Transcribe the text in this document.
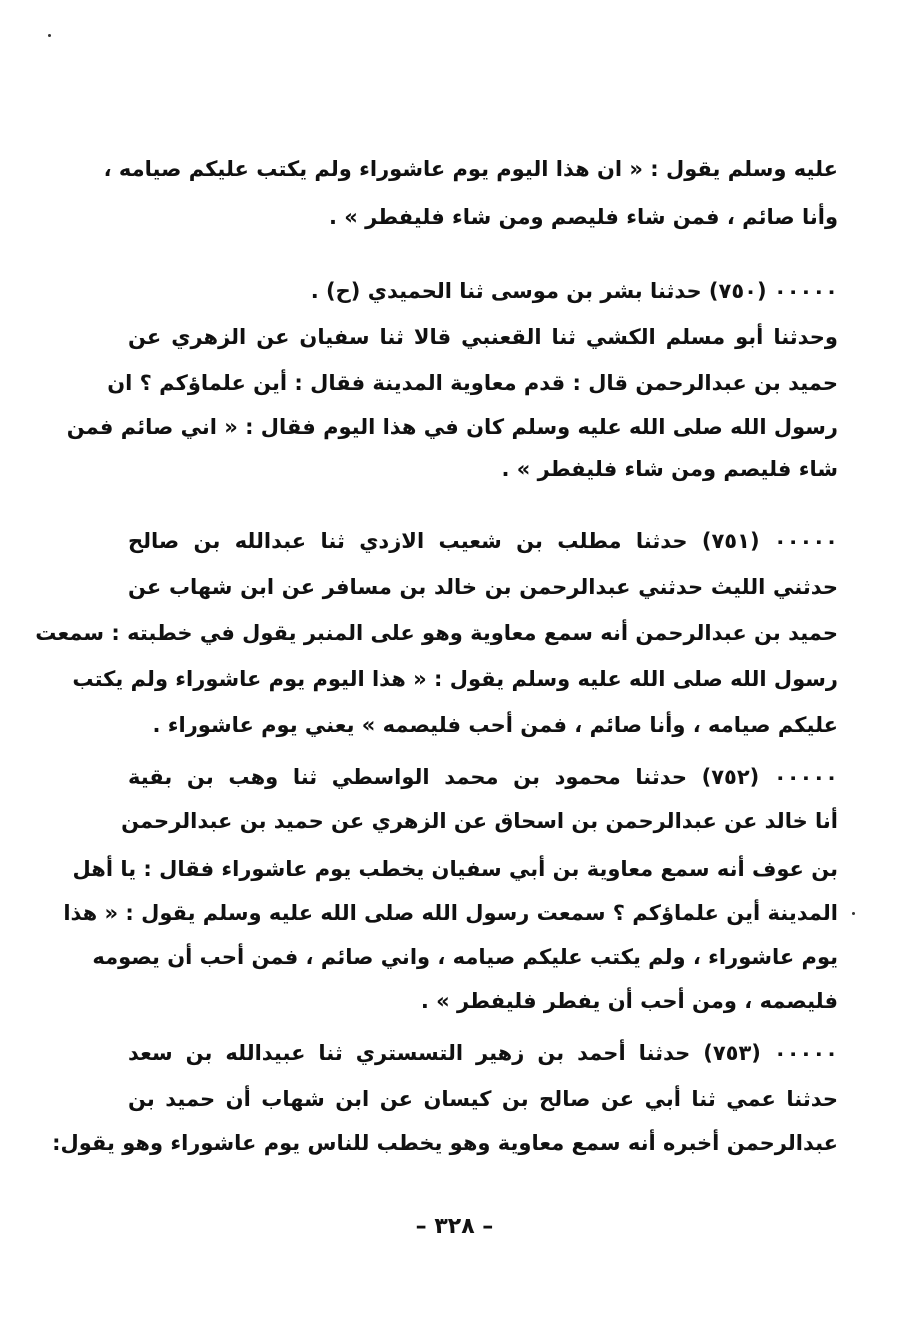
عليه وسلم يقول : « ان هذا اليوم يوم عاشوراء ولم يكتب عليكم صيامه ،
وأنا صائم ، فمن شاء فليصم ومن شاء فليفطر » .
٠٠٠٠٠ (٧٥٠) حدثنا بشر بن موسى ثنا الحميدي (ح) .
وحدثنا أبو مسلم الكشي ثنا القعنبي قالا ثنا سفيان عن الزهري عن
حميد بن عبدالرحمن قال : قدم معاوية المدينة فقال : أين علماؤكم ؟ ان
رسول الله صلى الله عليه وسلم كان في هذا اليوم فقال : « اني صائم فمن
شاء فليصم ومن شاء فليفطر » .
٠٠٠٠٠ (٧٥١) حدثنا مطلب بن شعيب الازدي ثنا عبدالله بن صالح
حدثني الليث حدثني عبدالرحمن بن خالد بن مسافر عن ابن شهاب عن
حميد بن عبدالرحمن أنه سمع معاوية وهو على المنبر يقول في خطبته : سمعت
رسول الله صلى الله عليه وسلم يقول : « هذا اليوم يوم عاشوراء ولم يكتب
عليكم صيامه ، وأنا صائم ، فمن أحب فليصمه » يعني يوم عاشوراء .
٠٠٠٠٠ (٧٥٢) حدثنا محمود بن محمد الواسطي ثنا وهب بن بقية
أنا خالد عن عبدالرحمن بن اسحاق عن الزهري عن حميد بن عبدالرحمن
بن عوف أنه سمع معاوية بن أبي سفيان يخطب يوم عاشوراء فقال : يا أهل
المدينة أين علماؤكم ؟ سمعت رسول الله صلى الله عليه وسلم يقول : « هذا
يوم عاشوراء ، ولم يكتب عليكم صيامه ، واني صائم ، فمن أحب أن يصومه
فليصمه ، ومن أحب أن يفطر فليفطر » .
٠٠٠٠٠ (٧٥٣) حدثنا أحمد بن زهير التسستري ثنا عبيدالله بن سعد
حدثنا عمي ثنا أبي عن صالح بن كيسان عن ابن شهاب أن حميد بن
عبدالرحمن أخبره أنه سمع معاوية وهو يخطب للناس يوم عاشوراء وهو يقول:
– ٣٢٨ –
